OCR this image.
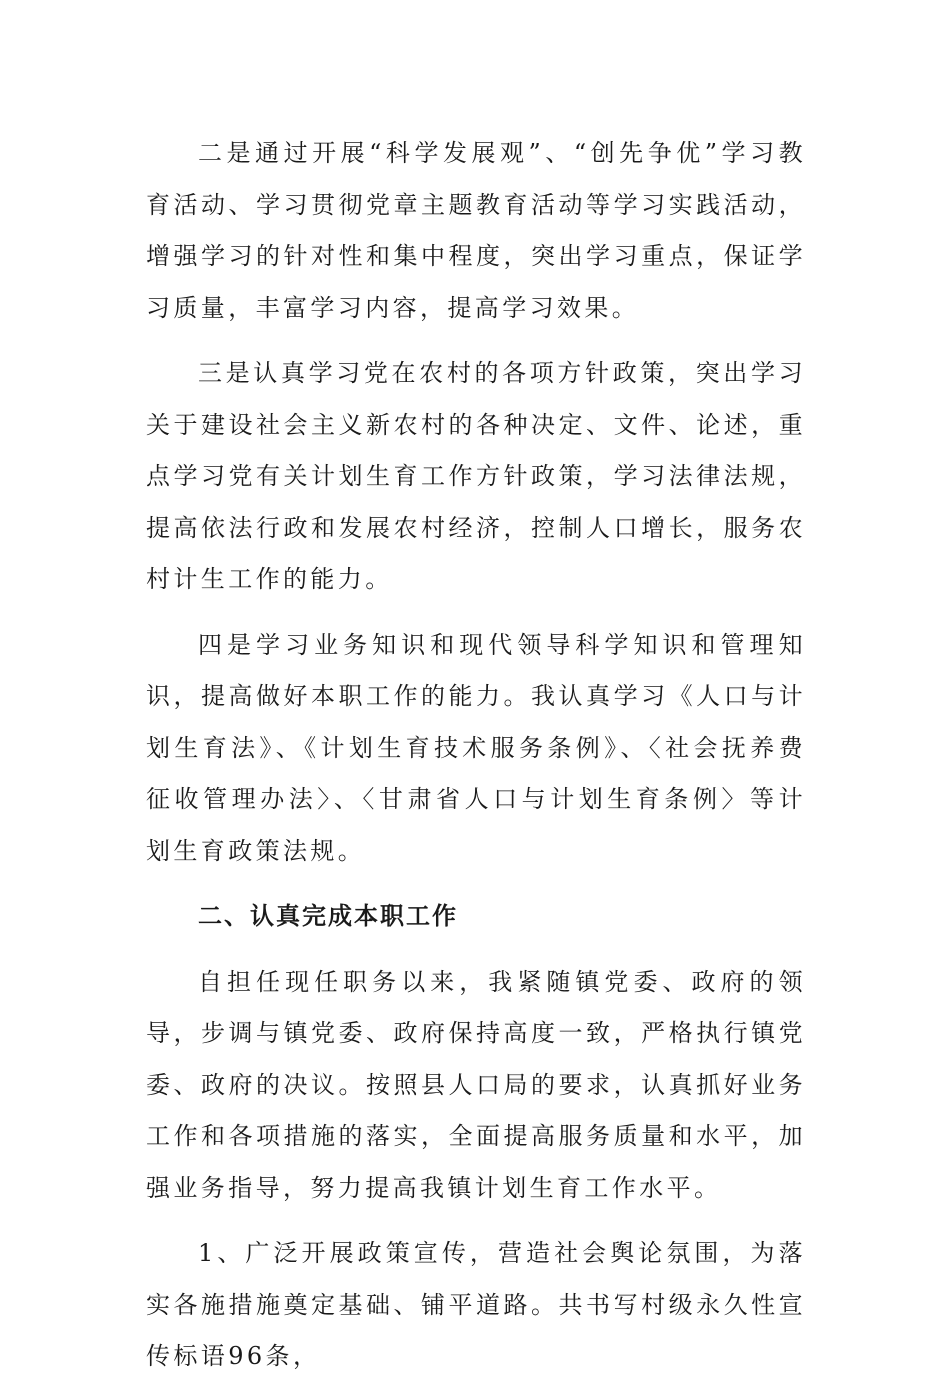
二是通过开展“科学发展观”、“创先争优”学习教育活动、学习贯彻党章主题教育活动等学习实践活动，增强学习的针对性和集中程度，突出学习重点，保证学习质量，丰富学习内容，提高学习效果。

三是认真学习党在农村的各项方针政策，突出学习关于建设社会主义新农村的各种决定、文件、论述，重点学习党有关计划生育工作方针政策，学习法律法规，提高依法行政和发展农村经济，控制人口增长，服务农村计生工作的能力。

四是学习业务知识和现代领导科学知识和管理知识，提高做好本职工作的能力。我认真学习《人口与计划生育法》、《计划生育技术服务条例》、〈社会抚养费征收管理办法〉、〈甘肃省人口与计划生育条例〉等计划生育政策法规。

二、认真完成本职工作

自担任现任职务以来，我紧随镇党委、政府的领导，步调与镇党委、政府保持高度一致，严格执行镇党委、政府的决议。按照县人口局的要求，认真抓好业务工作和各项措施的落实，全面提高服务质量和水平，加强业务指导，努力提高我镇计划生育工作水平。

1、广泛开展政策宣传，营造社会舆论氛围，为落实各施措施奠定基础、铺平道路。共书写村级永久性宣传标语96条，
